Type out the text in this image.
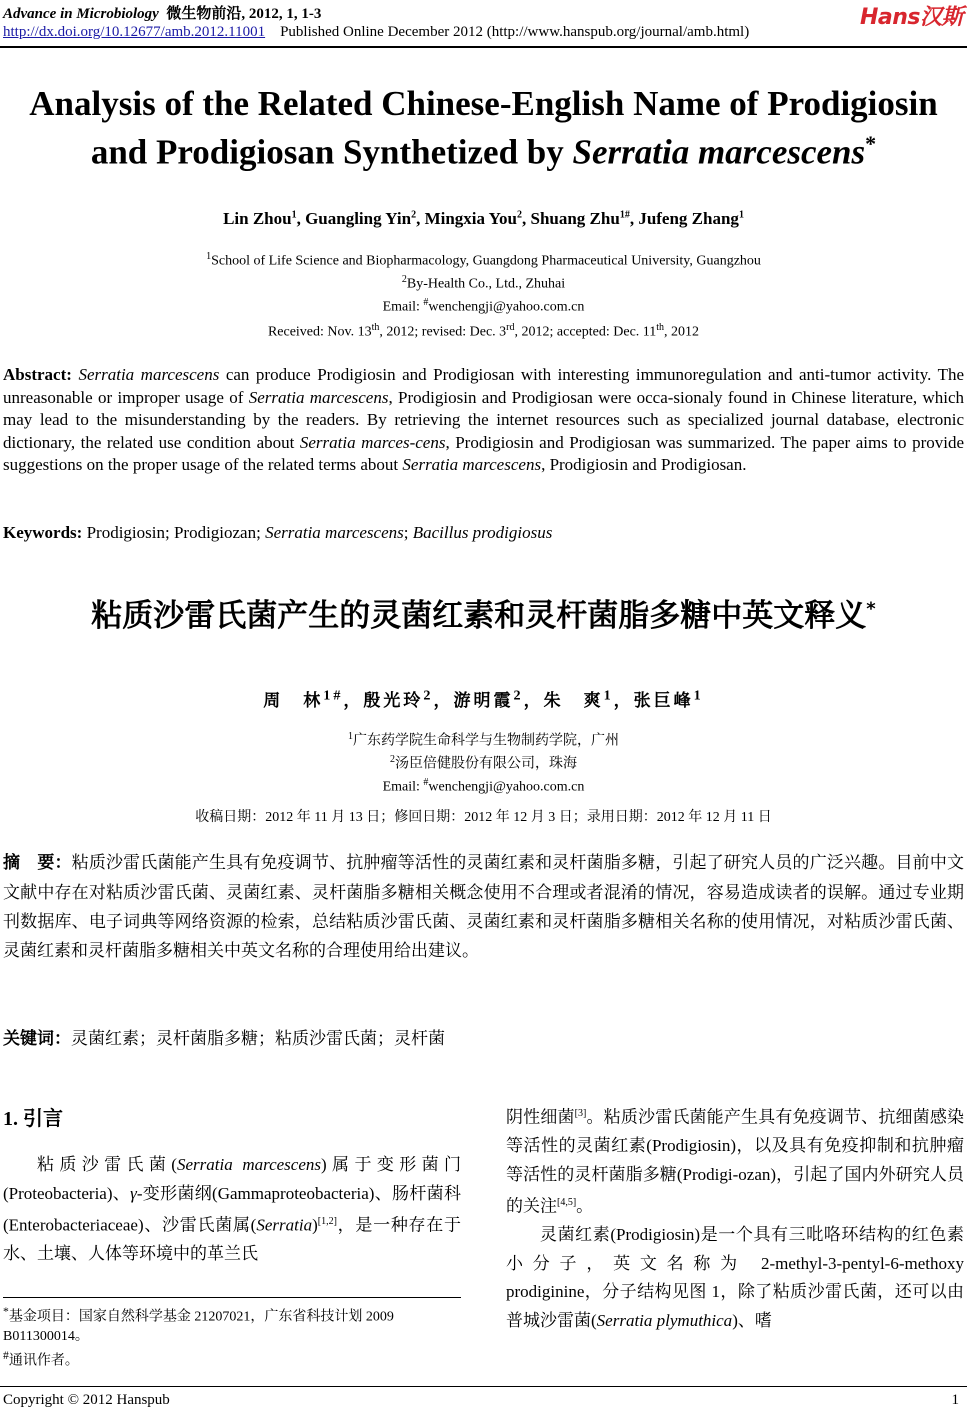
Advance in Microbiology 微生物前沿, 2012, 1, 1-3
http://dx.doi.org/10.12677/amb.2012.11001 Published Online December 2012 (http://www.hanspub.org/journal/amb.html)
Hans汉斯
Analysis of the Related Chinese-English Name of Prodigiosin
and Prodigiosan Synthetized by Serratia marcescens*
Lin Zhou$^1$, Guangling Yin$^2$, Mingxia You$^2$, Shuang Zhu$^{1\#}$, Jufeng Zhang$^1$
$^1$School of Life Science and Biopharmacology, Guangdong Pharmaceutical University, Guangzhou
$^2$By-Health Co., Ltd., Zhuhai
Email: #wenchengji@yahoo.com.cn
Received: Nov. 13th, 2012; revised: Dec. 3rd, 2012; accepted: Dec. 11th, 2012
Abstract: Serratia marcescens can produce Prodigiosin and Prodigiosan with interesting immunoregulation and anti-tumor activity. The unreasonable or improper usage of Serratia marcescens, Prodigiosin and Prodigiosan were occa-sionaly found in Chinese literature, which may lead to the misunderstanding by the readers. By retrieving the internet resources such as specialized journal database, electronic dictionary, the related use condition about Serratia marces-cens, Prodigiosin and Prodigiosan was summarized. The paper aims to provide suggestions on the proper usage of the related terms about Serratia marcescens, Prodigiosin and Prodigiosan.
Keywords: Prodigiosin; Prodigiozan; Serratia marcescens; Bacillus prodigiosus
粘质沙雷氏菌产生的灵菌红素和灵杆菌脂多糖中英文释义*
周　林$^{1\#}$，殷光玲$^2$，游明霞$^2$，朱　爽$^1$，张巨峰$^1$
$^1$广东药学院生命科学与生物制药学院，广州
$^2$汤臣倍健股份有限公司，珠海
Email: #wenchengji@yahoo.com.cn
收稿日期：2012 年 11 月 13 日；修回日期：2012 年 12 月 3 日；录用日期：2012 年 12 月 11 日
摘　要：粘质沙雷氏菌能产生具有免疫调节、抗肿瘤等活性的灵菌红素和灵杆菌脂多糖，引起了研究人员的广泛兴趣。目前中文文献中存在对粘质沙雷氏菌、灵菌红素、灵杆菌脂多糖相关概念使用不合理或者混淆的情况，容易造成读者的误解。通过专业期刊数据库、电子词典等网络资源的检索，总结粘质沙雷氏菌、灵菌红素和灵杆菌脂多糖相关名称的使用情况，对粘质沙雷氏菌、灵菌红素和灵杆菌脂多糖相关中英文名称的合理使用给出建议。
关键词：灵菌红素；灵杆菌脂多糖；粘质沙雷氏菌；灵杆菌
1. 引言
粘质沙雷氏菌(Serratia marcescens)属于变形菌门(Proteobacteria)、γ-变形菌纲(Gammaproteobacteria)、肠杆菌科(Enterobacteriaceae)、沙雷氏菌属(Serratia)[1,2]，是一种存在于水、土壤、人体等环境中的革兰氏
*基金项目：国家自然科学基金 21207021，广东省科技计划 2009 B011300014。
#通讯作者。
阴性细菌[3]。粘质沙雷氏菌能产生具有免疫调节、抗细菌感染等活性的灵菌红素(Prodigiosin)，以及具有免疫抑制和抗肿瘤等活性的灵杆菌脂多糖(Prodigi-ozan)，引起了国内外研究人员的关注[4,5]。
灵菌红素(Prodigiosin)是一个具有三吡咯环结构的红色素小分子，英文名称为 2-methyl-3-pentyl-6-methoxy prodiginine，分子结构见图 1，除了粘质沙雷氏菌，还可以由普城沙雷菌(Serratia plymuthica)、嗜
Copyright © 2012 Hanspub	1
